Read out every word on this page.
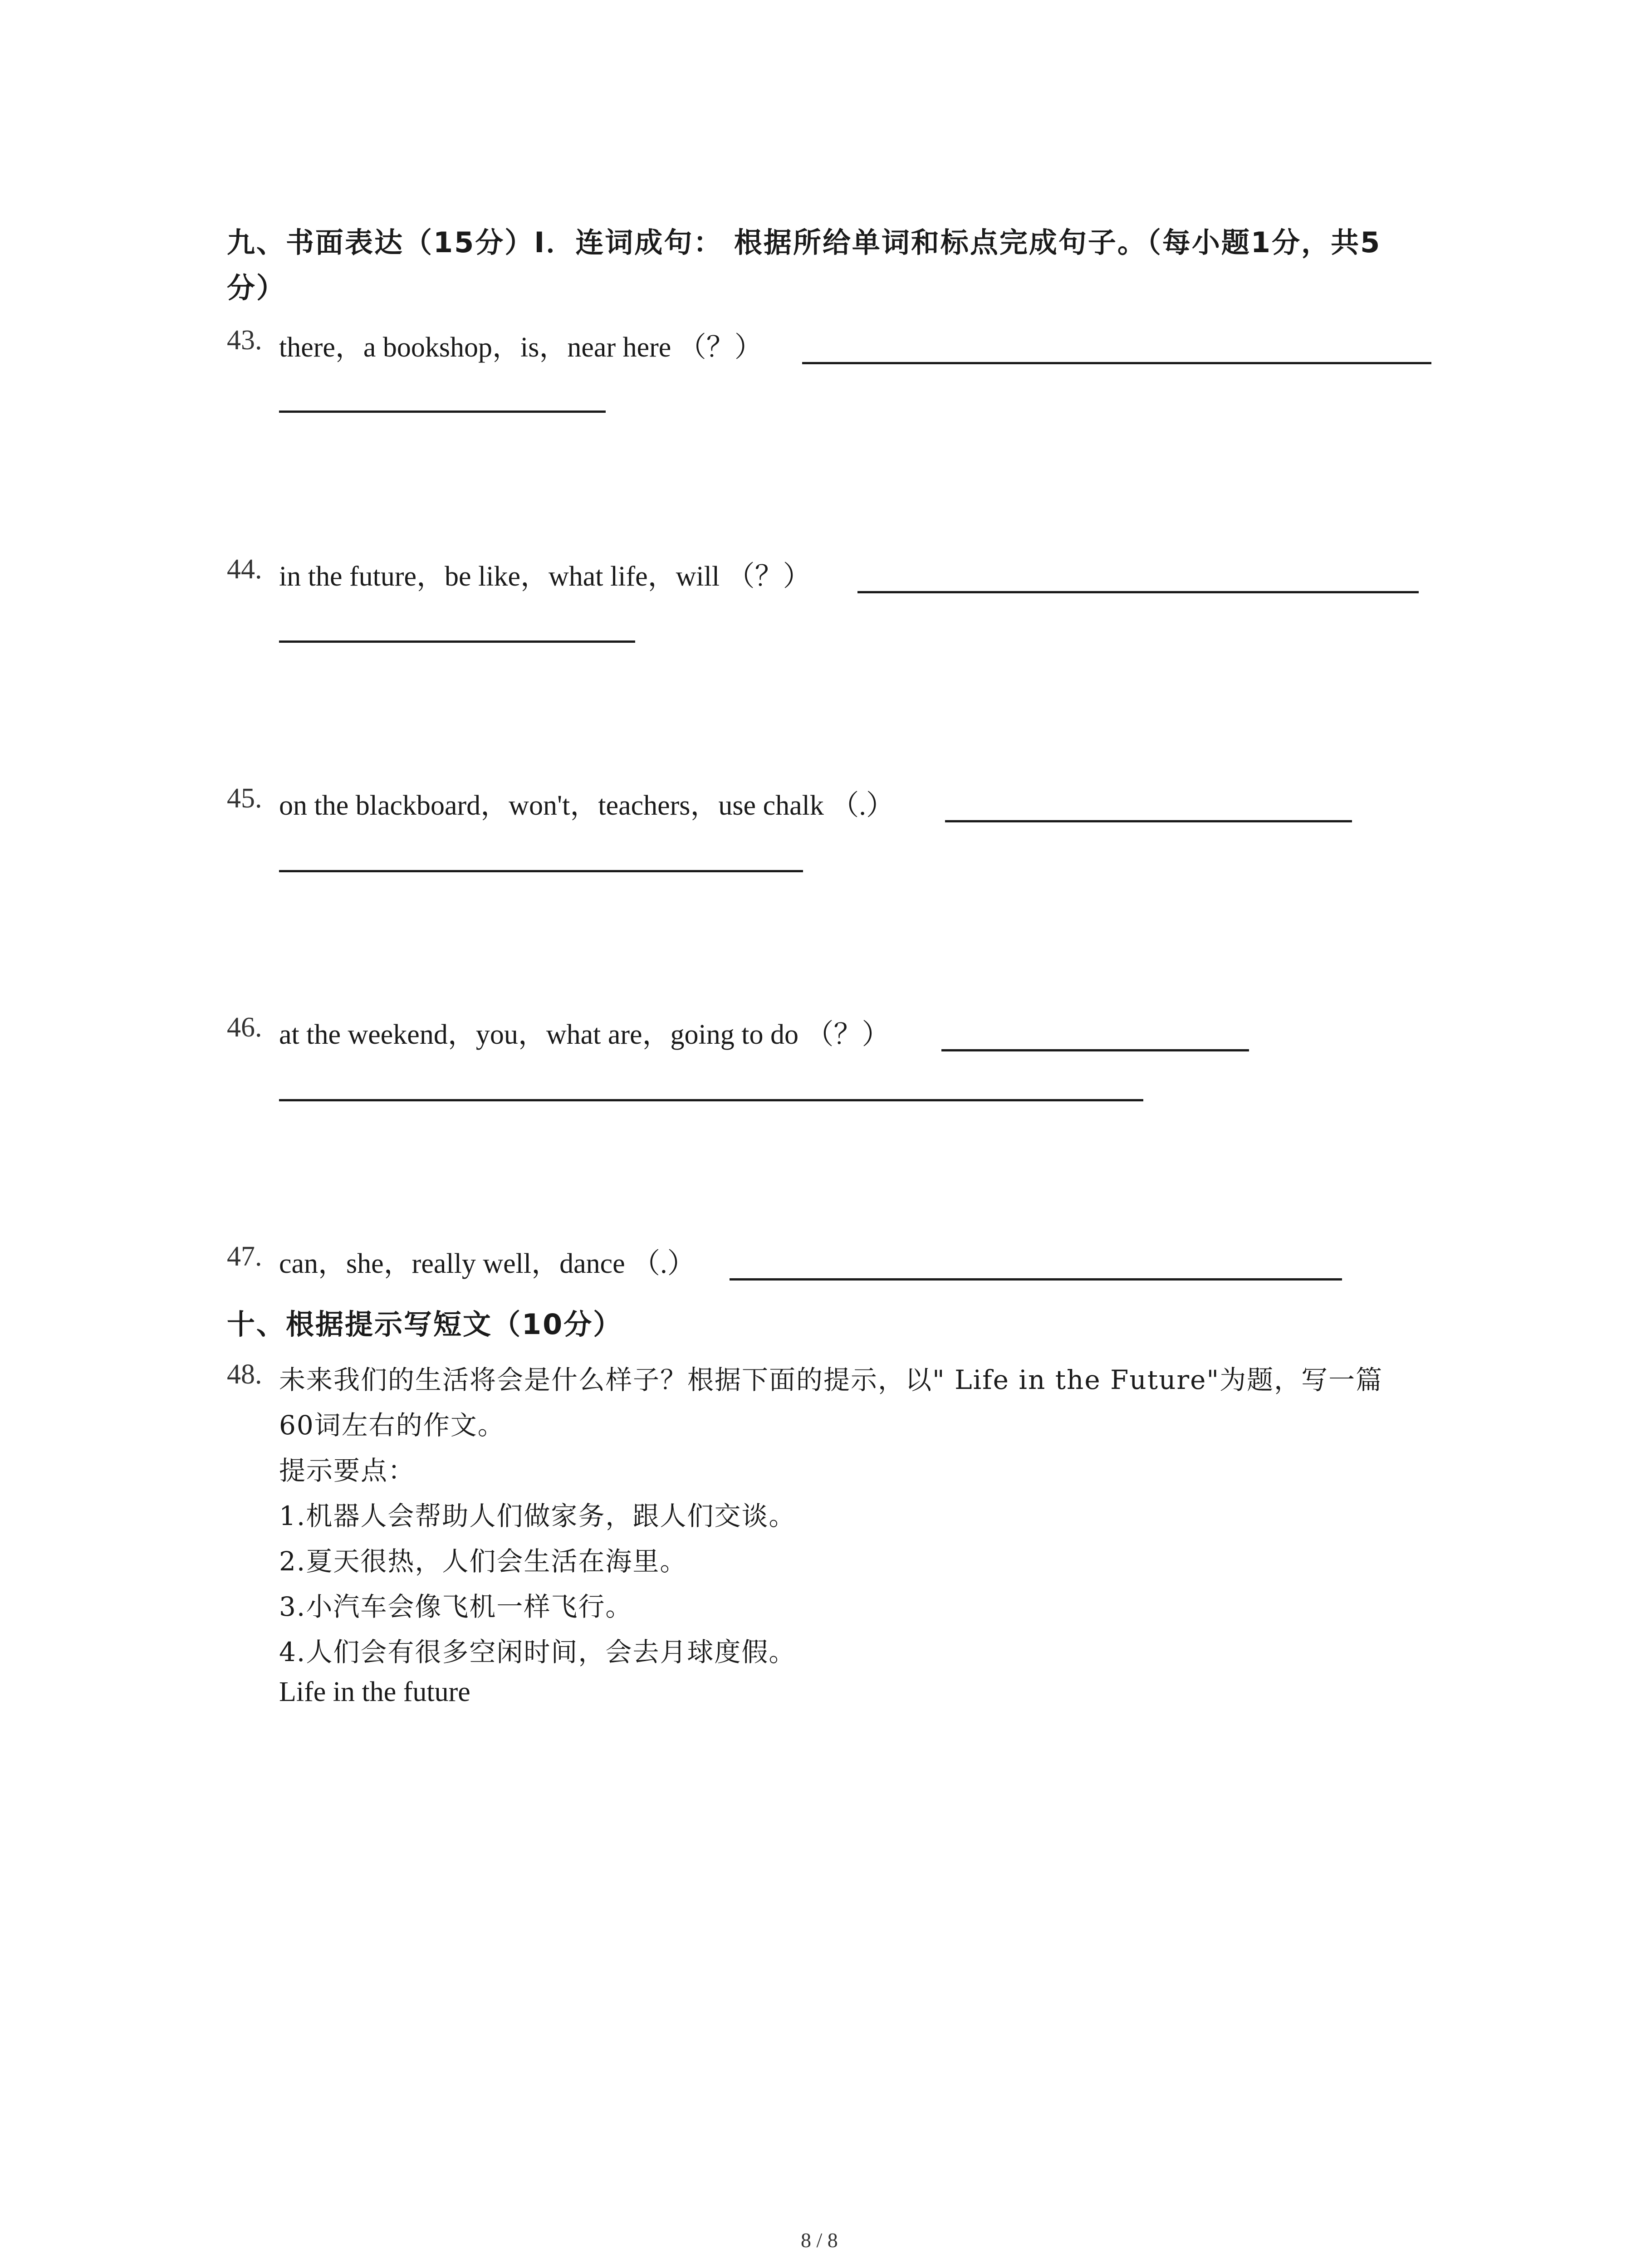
九、书面表达（15分）I．连词成句： 根据所给单词和标点完成句子。（每小题1分，共5
分）
43. there，a bookshop，is，near here （？）
44. in the future，be like，what life，will （？）
45. on the blackboard，won't，teachers，use chalk （.）
46. at the weekend，you，what are，going to do （？）
47. can，she，really well，dance （.）
十、根据提示写短文（10分）
48. 未来我们的生活将会是什么样子？根据下面的提示，以" Life in the Future"为题，写一篇
60词左右的作文。
提示要点：
1.机器人会帮助人们做家务，跟人们交谈。
2.夏天很热，人们会生活在海里。
3.小汽车会像飞机一样飞行。
4.人们会有很多空闲时间，会去月球度假。
Life in the future
8 / 8
